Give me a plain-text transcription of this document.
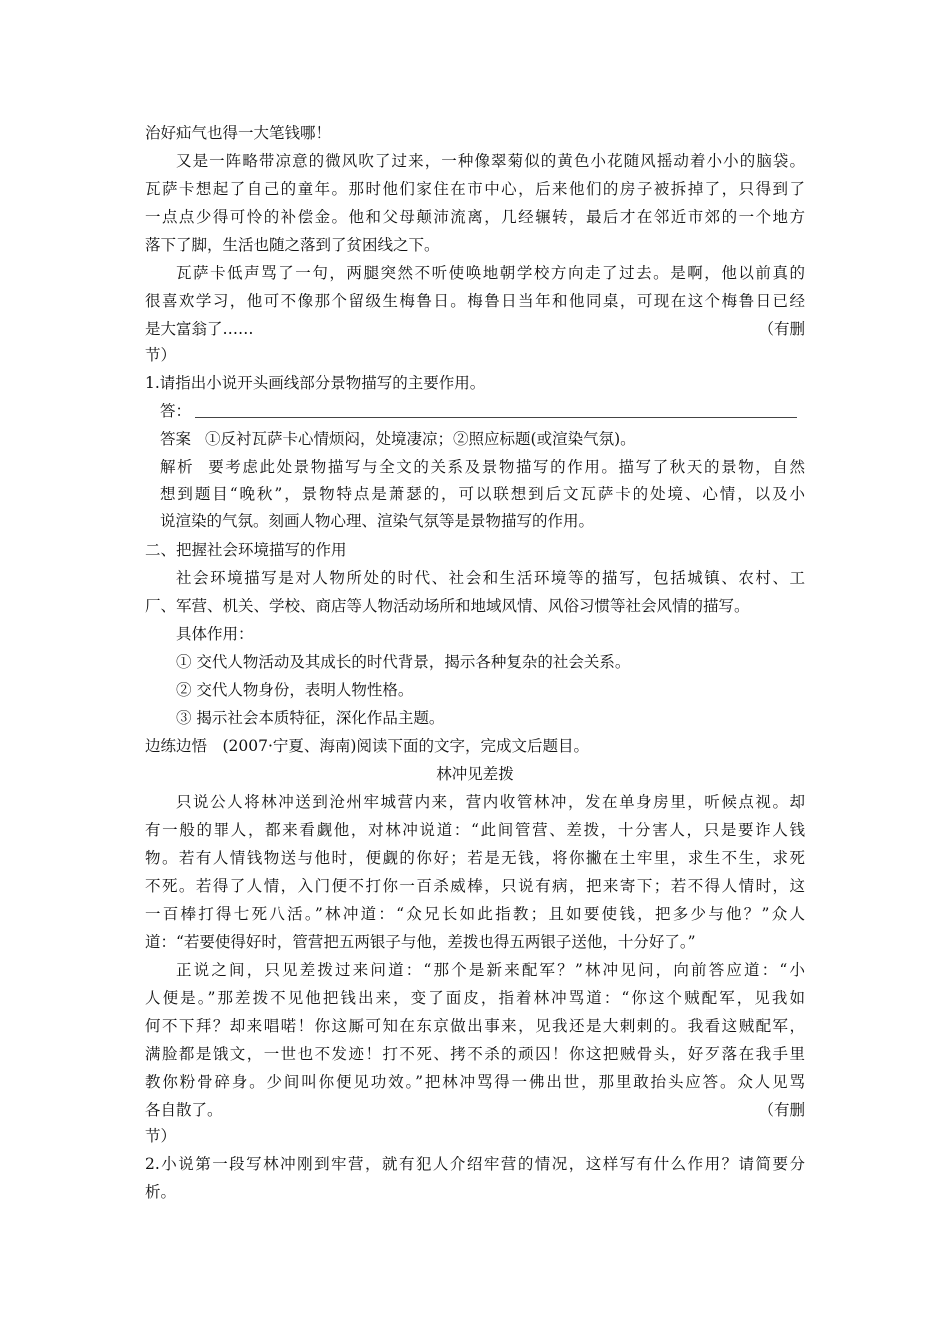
治好疝气也得一大笔钱哪！
又是一阵略带凉意的微风吹了过来，一种像翠菊似的黄色小花随风摇动着小小的脑袋。
瓦萨卡想起了自己的童年。那时他们家住在市中心，后来他们的房子被拆掉了，只得到了
一点点少得可怜的补偿金。他和父母颠沛流离，几经辗转，最后才在邻近市郊的一个地方
落下了脚，生活也随之落到了贫困线之下。
瓦萨卡低声骂了一句，两腿突然不听使唤地朝学校方向走了过去。是啊，他以前真的
很喜欢学习，他可不像那个留级生梅鲁日。梅鲁日当年和他同桌，可现在这个梅鲁日已经
是大富翁了……	（有删
节）
1.请指出小说开头画线部分景物描写的主要作用。
答：
答案 ①反衬瓦萨卡心情烦闷，处境凄凉；②照应标题(或渲染气氛)。
解析 要考虑此处景物描写与全文的关系及景物描写的作用。描写了秋天的景物，自然
想到题目“晚秋”，景物特点是萧瑟的，可以联想到后文瓦萨卡的处境、心情，以及小
说渲染的气氛。刻画人物心理、渲染气氛等是景物描写的作用。
二、把握社会环境描写的作用
社会环境描写是对人物所处的时代、社会和生活环境等的描写，包括城镇、农村、工
厂、军营、机关、学校、商店等人物活动场所和地域风情、风俗习惯等社会风情的描写。
具体作用：
① 交代人物活动及其成长的时代背景，揭示各种复杂的社会关系。
② 交代人物身份，表明人物性格。
③ 揭示社会本质特征，深化作品主题。
边练边悟　(2007·宁夏、海南)阅读下面的文字，完成文后题目。
林冲见差拨
只说公人将林冲送到沧州牢城营内来，营内收管林冲，发在单身房里，听候点视。却
有一般的罪人，都来看觑他，对林冲说道：“此间管营、差拨，十分害人，只是要诈人钱
物。若有人情钱物送与他时，便觑的你好；若是无钱，将你撇在土牢里，求生不生，求死
不死。若得了人情，入门便不打你一百杀威棒，只说有病，把来寄下；若不得人情时，这
一百棒打得七死八活。”林冲道：“众兄长如此指教；且如要使钱，把多少与他？”众人
道：“若要使得好时，管营把五两银子与他，差拨也得五两银子送他，十分好了。”
正说之间，只见差拨过来问道：“那个是新来配军？”林冲见问，向前答应道：“小
人便是。”那差拨不见他把钱出来，变了面皮，指着林冲骂道：“你这个贼配军，见我如
何不下拜？却来唱喏！你这厮可知在东京做出事来，见我还是大剌剌的。我看这贼配军，
满脸都是饿文，一世也不发迹！打不死、拷不杀的顽囚！你这把贼骨头，好歹落在我手里
教你粉骨碎身。少间叫你便见功效。”把林冲骂得一佛出世，那里敢抬头应答。众人见骂
各自散了。	（有删
节）
2.小说第一段写林冲刚到牢营，就有犯人介绍牢营的情况，这样写有什么作用？请简要分
析。
